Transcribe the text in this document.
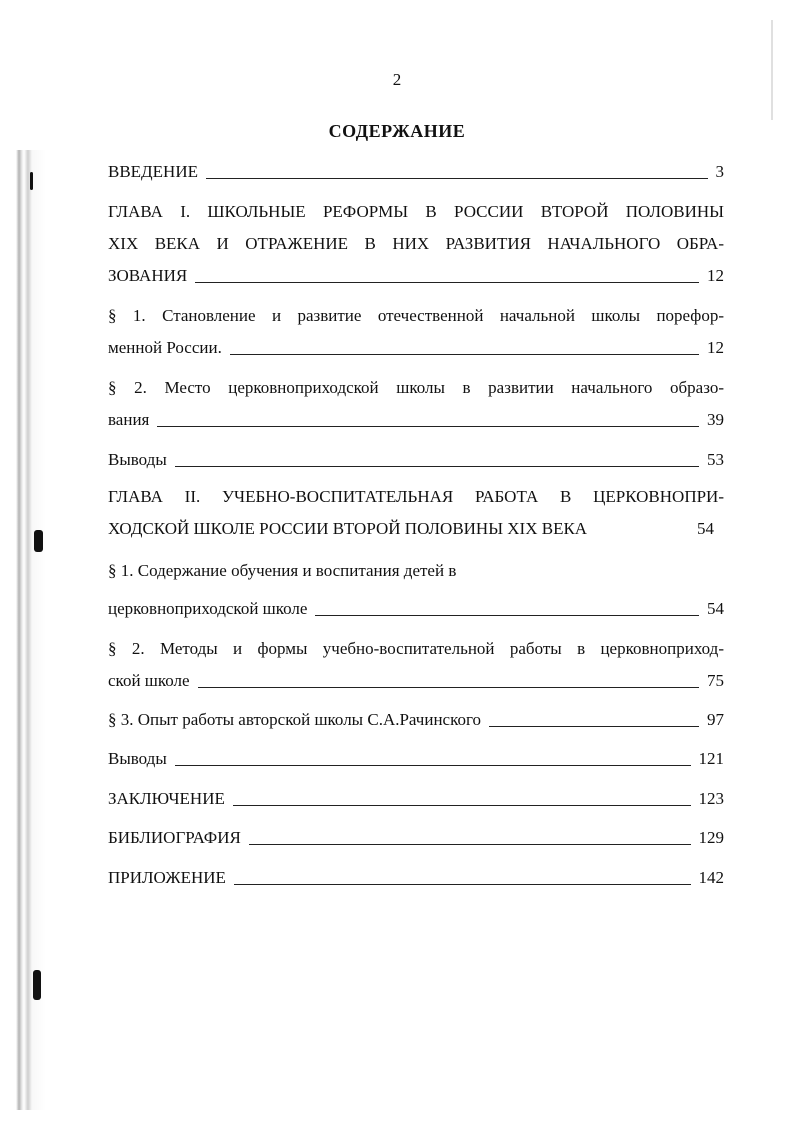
2
СОДЕРЖАНИЕ
ВВЕДЕНИЕ	3
ГЛАВА I. ШКОЛЬНЫЕ РЕФОРМЫ В РОССИИ ВТОРОЙ ПОЛОВИНЫ
XIX ВЕКА И ОТРАЖЕНИЕ В НИХ РАЗВИТИЯ НАЧАЛЬНОГО ОБРА-
ЗОВАНИЯ	12
§ 1. Становление и развитие отечественной начальной школы порефор-
менной России.	12
§ 2. Место церковноприходской школы в развитии начального образо-
вания	39
Выводы	53
ГЛАВА II. УЧЕБНО-ВОСПИТАТЕЛЬНАЯ РАБОТА В ЦЕРКОВНОПРИ-
ХОДСКОЙ ШКОЛЕ РОССИИ ВТОРОЙ ПОЛОВИНЫ XIX ВЕКА	54
§ 1. Содержание обучения и воспитания детей в
церковноприходской школе	54
§ 2. Методы и формы учебно-воспитательной работы в церковноприход-
ской школе	75
§ 3. Опыт работы авторской школы С.А.Рачинского	97
Выводы	121
ЗАКЛЮЧЕНИЕ	123
БИБЛИОГРАФИЯ	129
ПРИЛОЖЕНИЕ	142
